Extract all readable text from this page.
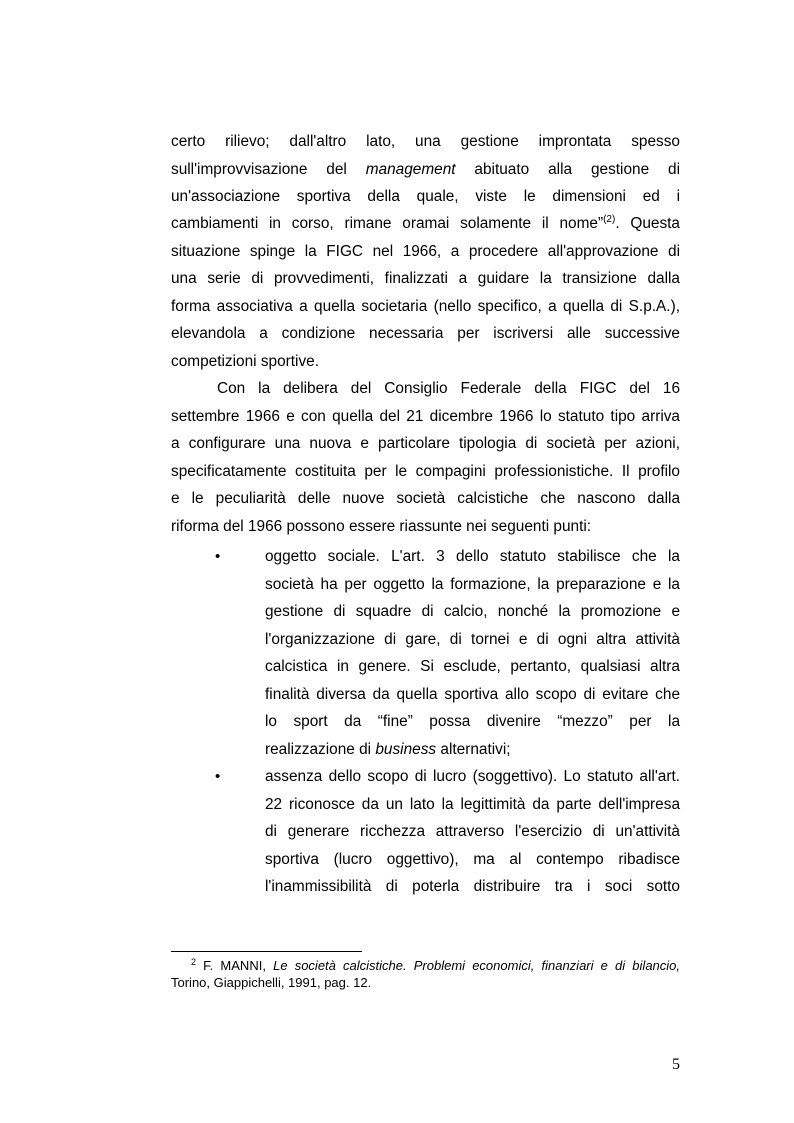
certo rilievo; dall'altro lato, una gestione improntata spesso
sull'improvvisazione del management abituato alla gestione di
un'associazione sportiva della quale, viste le dimensioni ed i
cambiamenti in corso, rimane oramai solamente il nome”$^{(2)}$. Questa
situazione spinge la FIGC nel 1966, a procedere all'approvazione di
una serie di provvedimenti, finalizzati a guidare la transizione dalla
forma associativa a quella societaria (nello specifico, a quella di S.p.A.),
elevandola a condizione necessaria per iscriversi alle successive
competizioni sportive.
Con la delibera del Consiglio Federale della FIGC del 16
settembre 1966 e con quella del 21 dicembre 1966 lo statuto tipo arriva
a configurare una nuova e particolare tipologia di società per azioni,
specificatamente costituita per le compagini professionistiche. Il profilo
e le peculiarità delle nuove società calcistiche che nascono dalla
riforma del 1966 possono essere riassunte nei seguenti punti:
•	oggetto sociale. L'art. 3 dello statuto stabilisce che la
società ha per oggetto la formazione, la preparazione e la
gestione di squadre di calcio, nonché la promozione e
l'organizzazione di gare, di tornei e di ogni altra attività
calcistica in genere. Si esclude, pertanto, qualsiasi altra
finalità diversa da quella sportiva allo scopo di evitare che
lo sport da “fine” possa divenire “mezzo” per la
realizzazione di business alternativi;
•	assenza dello scopo di lucro (soggettivo). Lo statuto all'art.
22 riconosce da un lato la legittimità da parte dell'impresa
di generare ricchezza attraverso l'esercizio di un'attività
sportiva (lucro oggettivo), ma al contempo ribadisce
l'inammissibilità di poterla distribuire tra i soci sotto
$^2$ F. MANNI, Le società calcistiche. Problemi economici, finanziari e di bilancio,
Torino, Giappichelli, 1991, pag. 12.
5
